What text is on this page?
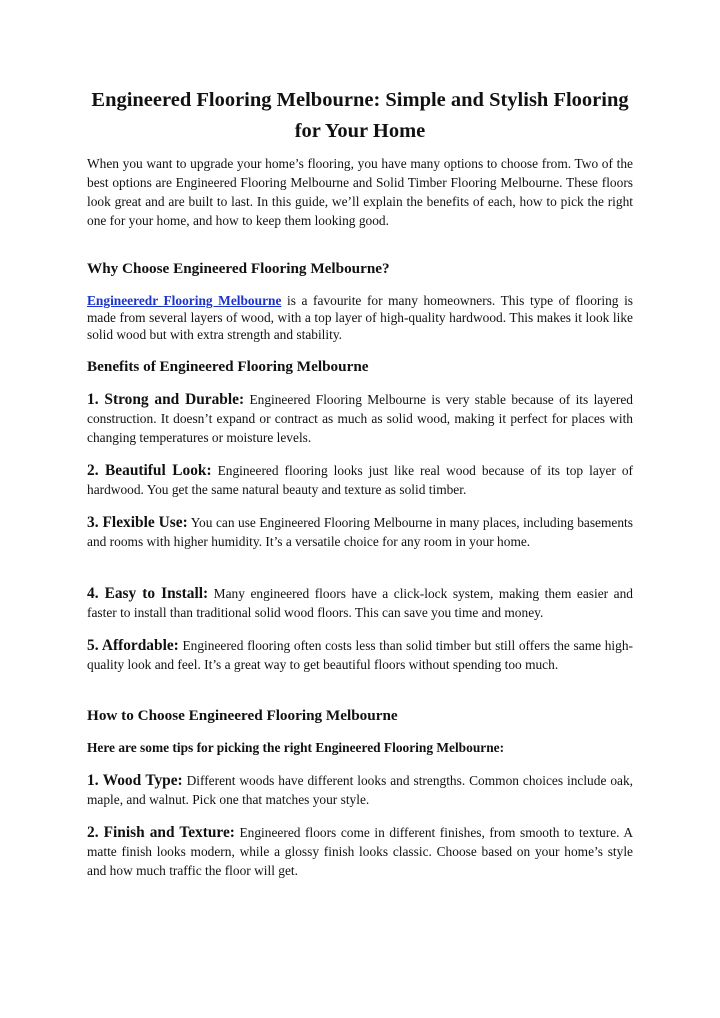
Engineered Flooring Melbourne: Simple and Stylish Flooring for Your Home

When you want to upgrade your home’s flooring, you have many options to choose from. Two of the best options are Engineered Flooring Melbourne and Solid Timber Flooring Melbourne. These floors look great and are built to last. In this guide, we’ll explain the benefits of each, how to pick the right one for your home, and how to keep them looking good.

Why Choose Engineered Flooring Melbourne?

Engineeredr Flooring Melbourne is a favourite for many homeowners. This type of flooring is made from several layers of wood, with a top layer of high-quality hardwood. This makes it look like solid wood but with extra strength and stability.

Benefits of Engineered Flooring Melbourne

1. Strong and Durable: Engineered Flooring Melbourne is very stable because of its layered construction. It doesn’t expand or contract as much as solid wood, making it perfect for places with changing temperatures or moisture levels.

2. Beautiful Look: Engineered flooring looks just like real wood because of its top layer of hardwood. You get the same natural beauty and texture as solid timber.

3. Flexible Use: You can use Engineered Flooring Melbourne in many places, including basements and rooms with higher humidity. It’s a versatile choice for any room in your home.

4. Easy to Install: Many engineered floors have a click-lock system, making them easier and faster to install than traditional solid wood floors. This can save you time and money.

5. Affordable: Engineered flooring often costs less than solid timber but still offers the same high-quality look and feel. It’s a great way to get beautiful floors without spending too much.

How to Choose Engineered Flooring Melbourne
Here are some tips for picking the right Engineered Flooring Melbourne:

1. Wood Type: Different woods have different looks and strengths. Common choices include oak, maple, and walnut. Pick one that matches your style.

2. Finish and Texture: Engineered floors come in different finishes, from smooth to texture. A matte finish looks modern, while a glossy finish looks classic. Choose based on your home’s style and how much traffic the floor will get.
